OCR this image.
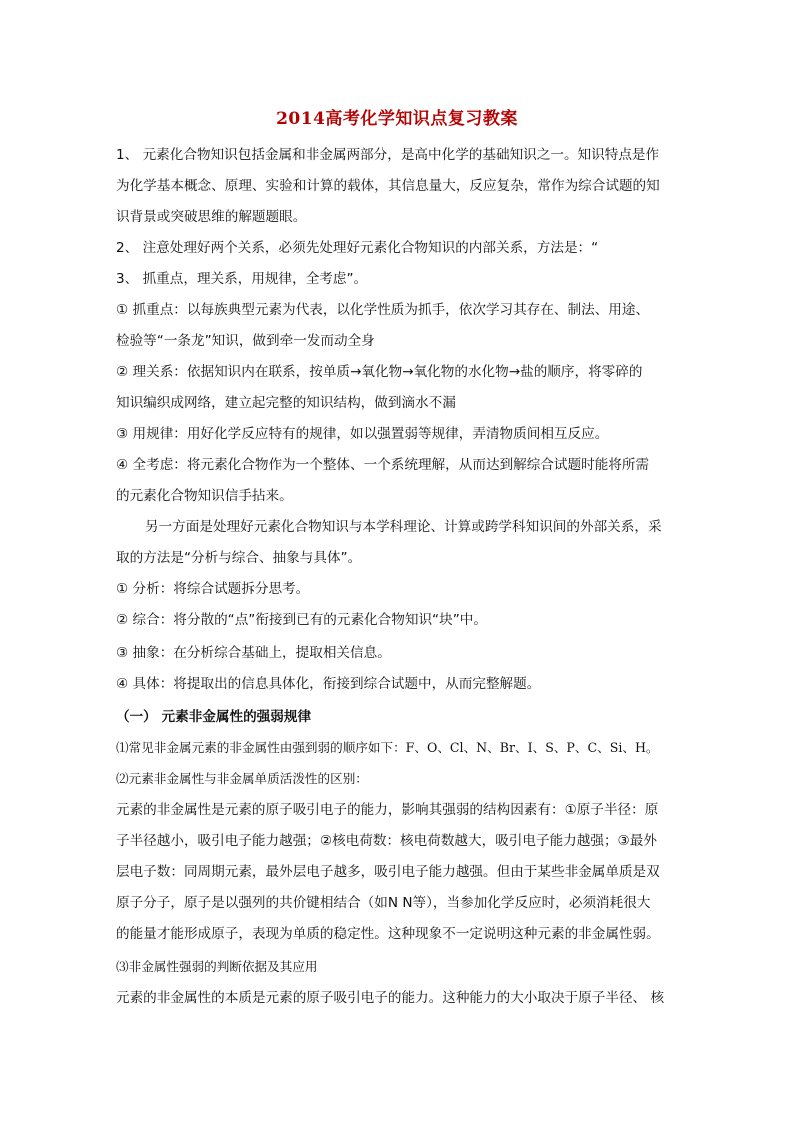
2014高考化学知识点复习教案
1、 元素化合物知识包括金属和非金属两部分，是高中化学的基础知识之一。知识特点是作
为化学基本概念、原理、实验和计算的载体，其信息量大，反应复杂，常作为综合试题的知
识背景或突破思维的解题题眼。
2、 注意处理好两个关系，必须先处理好元素化合物知识的内部关系，方法是：“
3、 抓重点，理关系，用规律，全考虑”。
① 抓重点：以每族典型元素为代表，以化学性质为抓手，依次学习其存在、制法、用途、
检验等“一条龙”知识，做到牵一发而动全身
② 理关系：依据知识内在联系，按单质→氧化物→氧化物的水化物→盐的顺序，将零碎的
知识编织成网络，建立起完整的知识结构，做到滴水不漏
③ 用规律：用好化学反应特有的规律，如以强置弱等规律，弄清物质间相互反应。
④ 全考虑：将元素化合物作为一个整体、一个系统理解，从而达到解综合试题时能将所需
的元素化合物知识信手拈来。
另一方面是处理好元素化合物知识与本学科理论、计算或跨学科知识间的外部关系，采
取的方法是“分析与综合、抽象与具体”。
① 分析：将综合试题拆分思考。
② 综合：将分散的“点”衔接到已有的元素化合物知识“块”中。
③ 抽象：在分析综合基础上，提取相关信息。
④ 具体：将提取出的信息具体化，衔接到综合试题中，从而完整解题。
（一） 元素非金属性的强弱规律
⑴常见非金属元素的非金属性由强到弱的顺序如下：F、O、Cl、N、Br、I、S、P、C、Si、H。
⑵元素非金属性与非金属单质活泼性的区别：
元素的非金属性是元素的原子吸引电子的能力，影响其强弱的结构因素有：①原子半径：原
子半径越小，吸引电子能力越强；②核电荷数：核电荷数越大，吸引电子能力越强；③最外
层电子数：同周期元素，最外层电子越多，吸引电子能力越强。但由于某些非金属单质是双
原子分子，原子是以强列的共价键相结合（如N N等），当参加化学反应时，必须消耗很大
的能量才能形成原子，表现为单质的稳定性。这种现象不一定说明这种元素的非金属性弱。
⑶非金属性强弱的判断依据及其应用
元素的非金属性的本质是元素的原子吸引电子的能力。这种能力的大小取决于原子半径、 核
